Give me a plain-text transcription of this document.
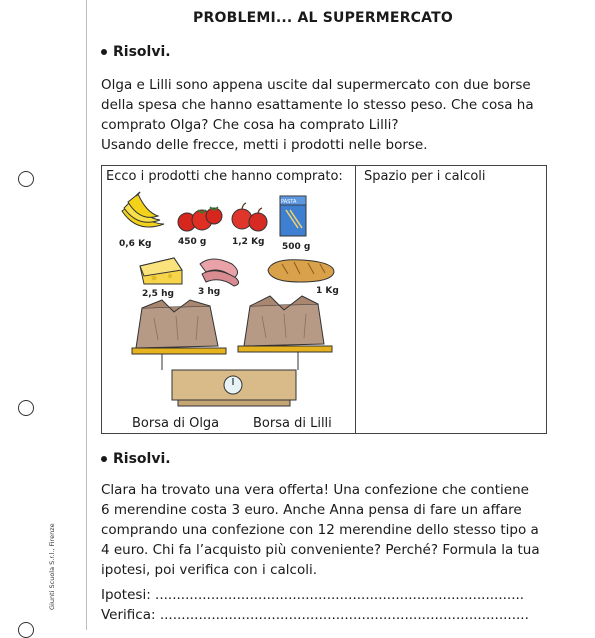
PROBLEMI... AL SUPERMERCATO
Risolvi.
Olga e Lilli sono appena uscite dal supermercato con due borse
della spesa che hanno esattamente lo stesso peso. Che cosa ha
comprato Olga? Che cosa ha comprato Lilli?
Usando delle frecce, metti i prodotti nelle borse.
Ecco i prodotti che hanno comprato: Spazio per i calcoli
PASTA
0,6 Kg	450 g	1,2 Kg 500 g
2,5 hg	3 hg	1 Kg
Borsa di Olga	Borsa di Lilli
Risolvi.
Clara ha trovato una vera offerta! Una confezione che contiene
6 merendine costa 3 euro. Anche Anna pensa di fare un affare
comprando una confezione con 12 merendine dello stesso tipo a
4 euro. Chi fa l’acquisto più conveniente? Perché? Formula la tua
ipotesi, poi verifica con i calcoli.
Ipotesi: ......................................................................................
Verifica: ......................................................................................
Giunti Scuola S.r.l., Firenze
